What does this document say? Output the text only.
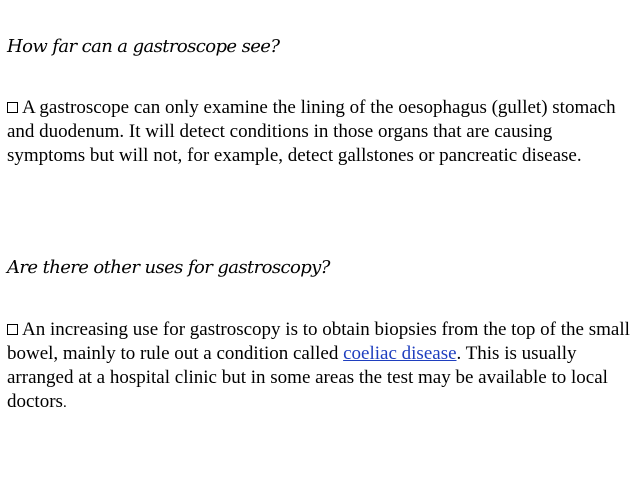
How far can a gastroscope see?
A gastroscope can only examine the lining of the oesophagus (gullet) stomach and duodenum. It will detect conditions in those organs that are causing symptoms but will not, for example, detect gallstones or pancreatic disease.
Are there other uses for gastroscopy?
An increasing use for gastroscopy is to obtain biopsies from the top of the small bowel, mainly to rule out a condition called coeliac disease. This is usually arranged at a hospital clinic but in some areas the test may be available to local doctors.
